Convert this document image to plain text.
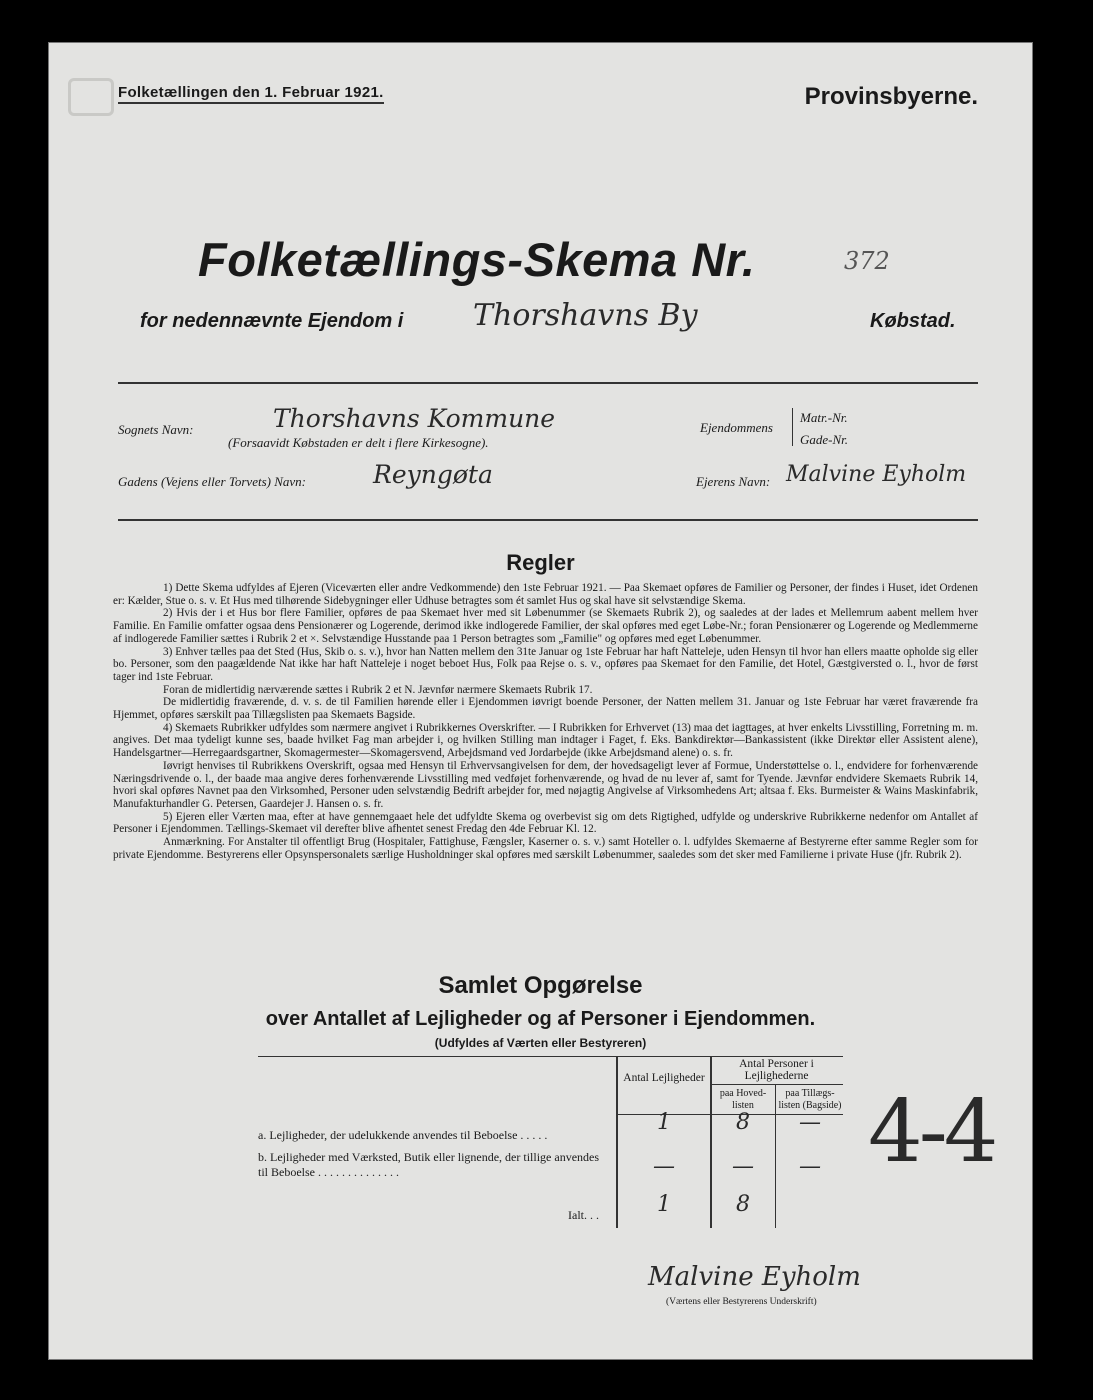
Folketællingen den 1. Februar 1921.	Provinsbyerne.
Folketællings-Skema Nr.	372
for nedennævnte Ejendom i Thorshavns By	Købstad.
Sognets Navn:	Thorshavns Kommune
(Forsaavidt Købstaden er delt i flere Kirkesogne).
Ejendommens
Matr.-Nr.
Gade-Nr.
Gadens (Vejens eller Torvets) Navn:	Reyngøta	Ejerens Navn: Malvine Eyholm
Regler

1) Dette Skema udfyldes af Ejeren (Viceværten eller andre Vedkommende) den 1ste Februar 1921. — Paa Skemaet opføres de Familier og Personer, der findes i Huset, idet Ordenen er: Kælder, Stue o. s. v. Et Hus med tilhørende Sidebygninger eller Udhuse betragtes som ét samlet Hus og skal have sit selvstændige Skema.

2) Hvis der i et Hus bor flere Familier, opføres de paa Skemaet hver med sit Løbenummer (se Skemaets Rubrik 2), og saaledes at der lades et Mellemrum aabent mellem hver Familie. En Familie omfatter ogsaa dens Pensionærer og Logerende, derimod ikke indlogerede Familier, der skal opføres med eget Løbe-Nr.; foran Pensionærer og Logerende og Medlemmerne af indlogerede Familier sættes i Rubrik 2 et ×. Selvstændige Husstande paa 1 Person betragtes som „Familie" og opføres med eget Løbenummer.

3) Enhver tælles paa det Sted (Hus, Skib o. s. v.), hvor han Natten mellem den 31te Januar og 1ste Februar har haft Natteleje, uden Hensyn til hvor han ellers maatte opholde sig eller bo. Personer, som den paagældende Nat ikke har haft Natteleje i noget beboet Hus, Folk paa Rejse o. s. v., opføres paa Skemaet for den Familie, det Hotel, Gæstgiversted o. l., hvor de først tager ind 1ste Februar.

Foran de midlertidig nærværende sættes i Rubrik 2 et N. Jævnfør nærmere Skemaets Rubrik 17.

De midlertidig fraværende, d. v. s. de til Familien hørende eller i Ejendommen iøvrigt boende Personer, der Natten mellem 31. Januar og 1ste Februar har været fraværende fra Hjemmet, opføres særskilt paa Tillægslisten paa Skemaets Bagside.

4) Skemaets Rubrikker udfyldes som nærmere angivet i Rubrikkernes Overskrifter. — I Rubrikken for Erhvervet (13) maa det iagttages, at hver enkelts Livsstilling, Forretning m. m. angives. Det maa tydeligt kunne ses, baade hvilket Fag man arbejder i, og hvilken Stilling man indtager i Faget, f. Eks. Bankdirektør—Bankassistent (ikke Direktør eller Assistent alene), Handelsgartner—Herregaardsgartner, Skomagermester—Skomagersvend, Arbejdsmand ved Jordarbejde (ikke Arbejdsmand alene) o. s. fr.

Iøvrigt henvises til Rubrikkens Overskrift, ogsaa med Hensyn til Erhvervsangivelsen for dem, der hovedsageligt lever af Formue, Understøttelse o. l., endvidere for forhenværende Næringsdrivende o. l., der baade maa angive deres forhenværende Livsstilling med vedføjet forhenværende, og hvad de nu lever af, samt for Tyende. Jævnfør endvidere Skemaets Rubrik 14, hvori skal opføres Navnet paa den Virksomhed, Personer uden selvstændig Bedrift arbejder for, med nøjagtig Angivelse af Virksomhedens Art; altsaa f. Eks. Burmeister & Wains Maskinfabrik, Manufakturhandler G. Petersen, Gaardejer J. Hansen o. s. fr.

5) Ejeren eller Værten maa, efter at have gennemgaaet hele det udfyldte Skema og overbevist sig om dets Rigtighed, udfylde og underskrive Rubrikkerne nedenfor om Antallet af Personer i Ejendommen. Tællings-Skemaet vil derefter blive afhentet senest Fredag den 4de Februar Kl. 12.

Anmærkning. For Anstalter til offentligt Brug (Hospitaler, Fattighuse, Fængsler, Kaserner o. s. v.) samt Hoteller o. l. udfyldes Skemaerne af Bestyrerne efter samme Regler som for private Ejendomme. Bestyrerens eller Opsynspersonalets særlige Husholdninger skal opføres med særskilt Løbenummer, saaledes som det sker med Familierne i private Huse (jfr. Rubrik 2).

Samlet Opgørelse
over Antallet af Lejligheder og af Personer i Ejendommen.
(Udfyldes af Værten eller Bestyreren)
Antal Lejligheder
Antal Personer i Lejlighederne
paa Hoved-listen
paa Tillægs-listen (Bagside)
a. Lejligheder, der udelukkende anvendes til Beboelse . . . . .	1	8	—
b. Lejligheder med Værksted, Butik eller lignende, der tillige anvendes til Beboelse . . . . . . . . . . . . . .	—	—	—
Ialt. . .	1	8
4-4
Malvine Eyholm
(Værtens eller Bestyrerens Underskrift)
